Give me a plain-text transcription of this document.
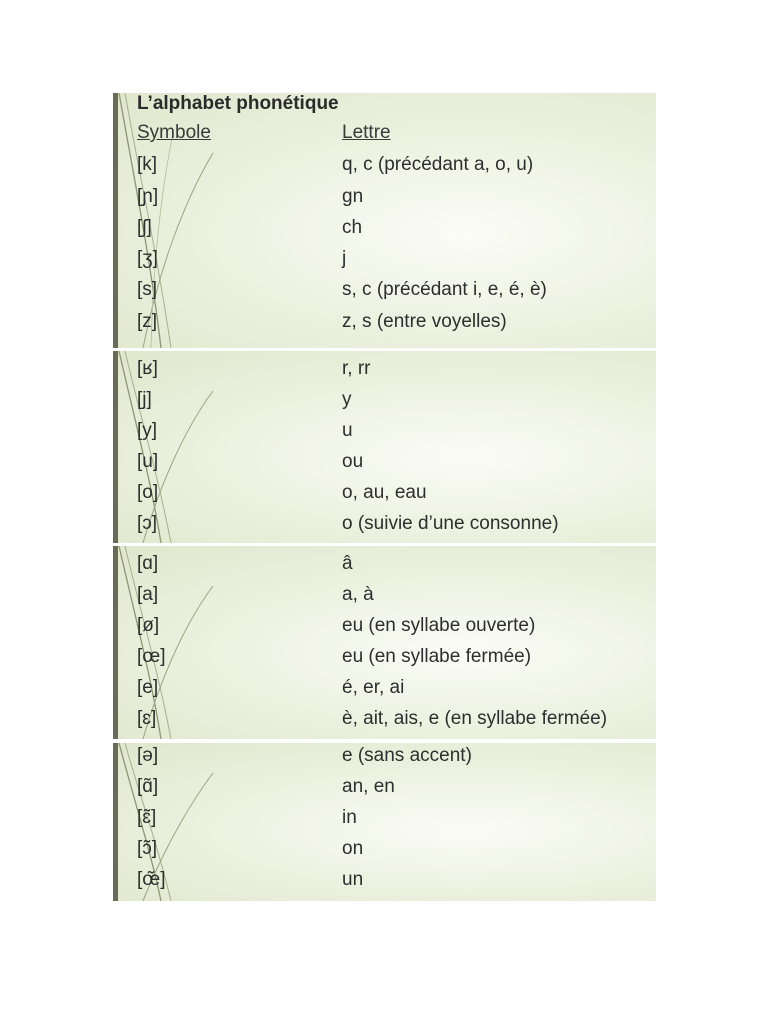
L’alphabet phonétique
Symbole	Lettre
[k]	q, c (précédant a, o, u)
[ɲ]	gn
[ʃ]	ch
[ʒ]	j
[s]	s, c (précédant i, e, é, è)
[z]	z, s (entre voyelles)
[ʁ]	r, rr
[j]	y
[y]	u
[u]	ou
[o]	o, au, eau
[ɔ]	o (suivie d’une consonne)
[ɑ]	â
[a]	a, à
[ø]	eu (en syllabe ouverte)
[œ]	eu (en syllabe fermée)
[e]	é, er, ai
[ɛ]	è, ait, ais, e (en syllabe fermée)
[ə]	e (sans accent)
[ɑ̃]	an, en
[ɛ̃]	in
[ɔ̃]	on
[œ̃]	un
